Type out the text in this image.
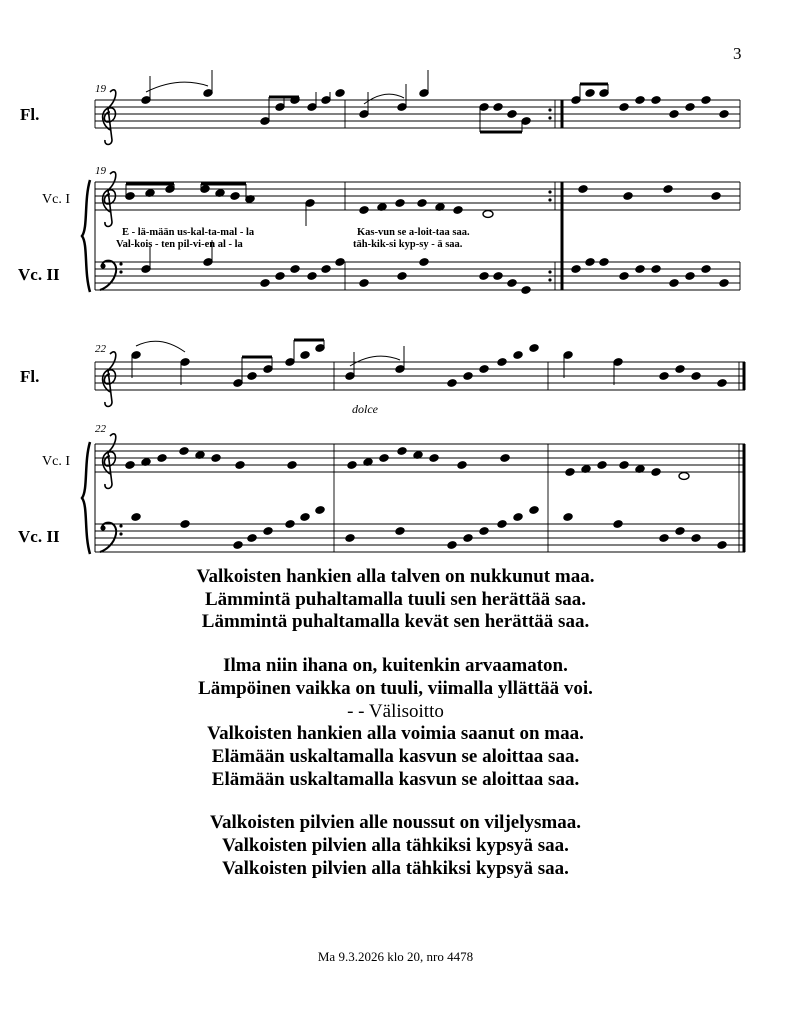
3
19
19
Fl.
Vc. I
Vc. II
E - lä-mään us-kal-ta-mal - la	Kas-vun se a-loit-taa saa.
Val-kois - ten pil-vi-en al - la	täh-kik-si kyp-sy - ä saa.
22
22
Fl.
Vc. I
Vc. II
dolce
Valkoisten hankien alla talven on nukkunut maa.
Lämmintä puhaltamalla tuuli sen herättää saa.
Lämmintä puhaltamalla kevät sen herättää saa.
Ilma niin ihana on, kuitenkin arvaamaton.
Lämpöinen vaikka on tuuli, viimalla yllättää voi.
- - Välisoitto
Valkoisten hankien alla voimia saanut on maa.
Elämään uskaltamalla kasvun se aloittaa saa.
Elämään uskaltamalla kasvun se aloittaa saa.
Valkoisten pilvien alle noussut on viljelysmaa.
Valkoisten pilvien alla tähkiksi kypsyä saa.
Valkoisten pilvien alla tähkiksi kypsyä saa.
Ma 9.3.2026 klo 20, nro 4478
